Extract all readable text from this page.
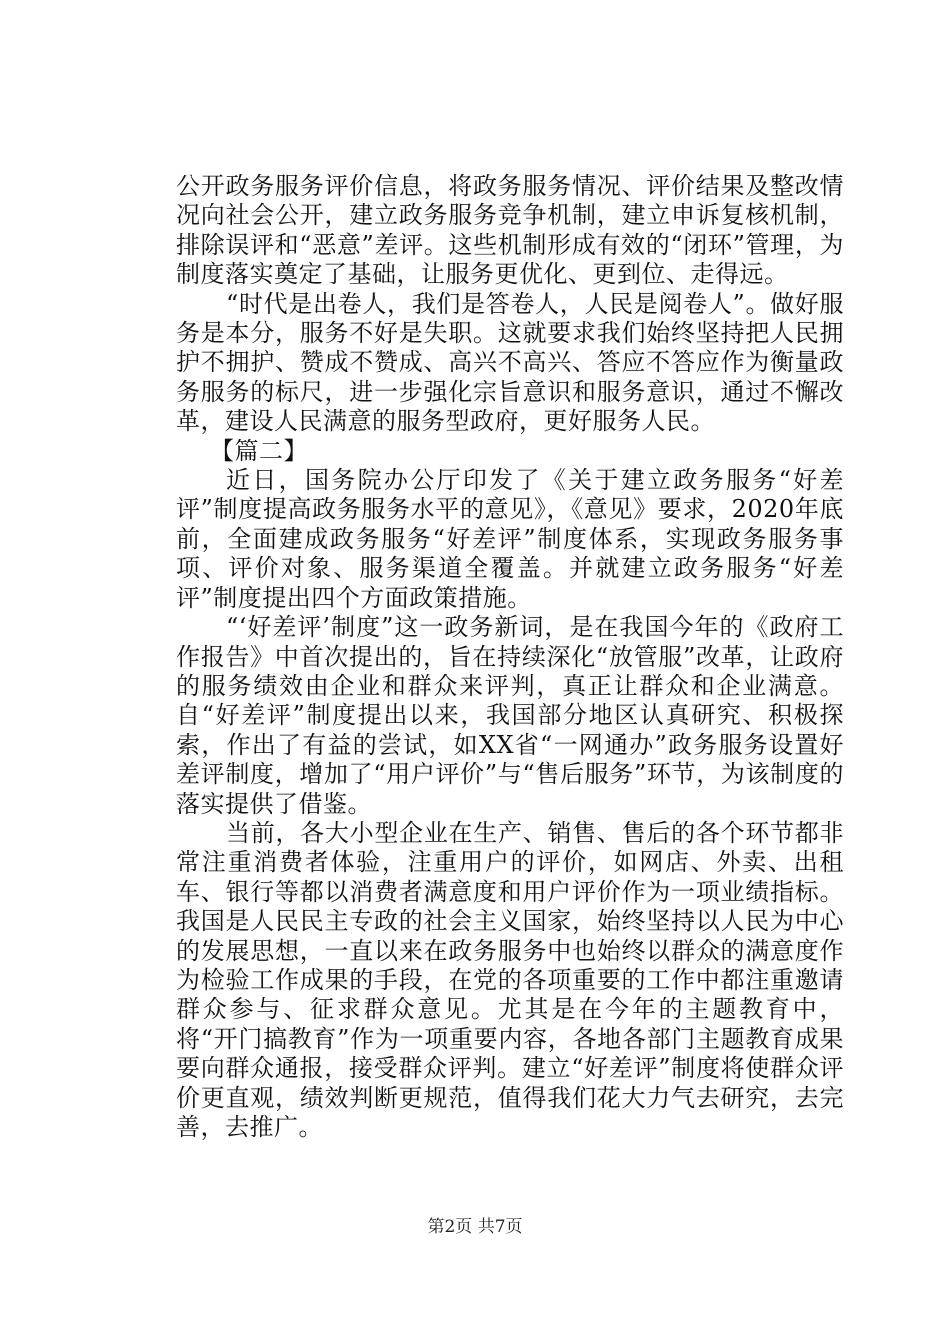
公开政务服务评价信息，将政务服务情况、评价结果及整改情况向社会公开，建立政务服务竞争机制，建立申诉复核机制，排除误评和“恶意”差评。这些机制形成有效的“闭环”管理，为制度落实奠定了基础，让服务更优化、更到位、走得远。

“时代是出卷人，我们是答卷人，人民是阅卷人”。做好服务是本分，服务不好是失职。这就要求我们始终坚持把人民拥护不拥护、赞成不赞成、高兴不高兴、答应不答应作为衡量政务服务的标尺，进一步强化宗旨意识和服务意识，通过不懈改革，建设人民满意的服务型政府，更好服务人民。

【篇二】

近日，国务院办公厅印发了《关于建立政务服务“好差评”制度提高政务服务水平的意见》，《意见》要求，2020年底前，全面建成政务服务“好差评”制度体系，实现政务服务事项、评价对象、服务渠道全覆盖。并就建立政务服务“好差评”制度提出四个方面政策措施。

“‘好差评’制度”这一政务新词，是在我国今年的《政府工作报告》中首次提出的，旨在持续深化“放管服”改革，让政府的服务绩效由企业和群众来评判，真正让群众和企业满意。自“好差评”制度提出以来，我国部分地区认真研究、积极探索，作出了有益的尝试，如XX省“一网通办”政务服务设置好差评制度，增加了“用户评价”与“售后服务”环节，为该制度的落实提供了借鉴。

当前，各大小型企业在生产、销售、售后的各个环节都非常注重消费者体验，注重用户的评价，如网店、外卖、出租车、银行等都以消费者满意度和用户评价作为一项业绩指标。我国是人民民主专政的社会主义国家，始终坚持以人民为中心的发展思想，一直以来在政务服务中也始终以群众的满意度作为检验工作成果的手段，在党的各项重要的工作中都注重邀请群众参与、征求群众意见。尤其是在今年的主题教育中，将“开门搞教育”作为一项重要内容，各地各部门主题教育成果要向群众通报，接受群众评判。建立“好差评”制度将使群众评价更直观，绩效判断更规范，值得我们花大力气去研究，去完善，去推广。

第2页 共7页
